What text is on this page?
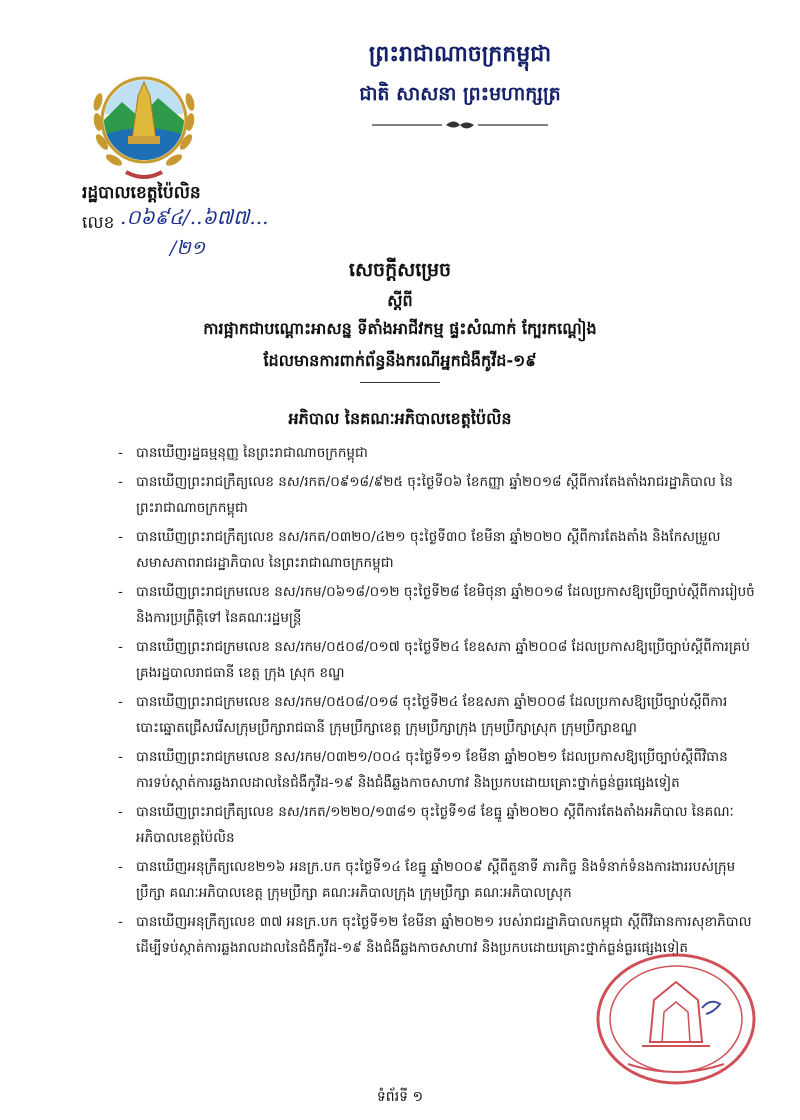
ព្រះរាជាណាចក្រកម្ពុជា
ជាតិ សាសនា ព្រះមហាក្សត្រ
រដ្ឋបាលខេត្តប៉ៃលិន
លេខ .០៦៩៤/..៦៧៧...
/២១
សេចក្ដីសម្រេច
ស្ដីពី
ការផ្អាកជាបណ្ដោះអាសន្ន ទីតាំងអាជីវកម្ម ផ្ទះសំណាក់ ក្បែរកណ្ដៀង
ដែលមានការពាក់ព័ន្ធនឹងករណីអ្នកជំងឺកូវីដ-១៩
អភិបាល នៃគណៈអភិបាលខេត្តប៉ៃលិន
- បានឃើញរដ្ឋធម្មនុញ្ញ នៃព្រះរាជាណាចក្រកម្ពុជា
- បានឃើញព្រះរាជក្រឹត្យលេខ នស/រកត/០៩១៨/៩២៥ ចុះថ្ងៃទី០៦ ខែកញ្ញា ឆ្នាំ២០១៨ ស្ដីពីការតែងតាំងរាជរដ្ឋាភិបាល នៃព្រះរាជាណាចក្រកម្ពុជា
- បានឃើញព្រះរាជក្រឹត្យលេខ នស/រកត/០៣២០/៤២១ ចុះថ្ងៃទី៣០ ខែមីនា ឆ្នាំ២០២០ ស្ដីពីការតែងតាំង និងកែសម្រួលសមាសភាពរាជរដ្ឋាភិបាល នៃព្រះរាជាណាចក្រកម្ពុជា
- បានឃើញព្រះរាជក្រមលេខ នស/រកម/០៦១៨/០១២ ចុះថ្ងៃទី២៨ ខែមិថុនា ឆ្នាំ២០១៨ ដែលប្រកាសឱ្យប្រើច្បាប់ស្ដីពីការរៀបចំ និងការប្រព្រឹត្តិទៅ នៃគណៈរដ្ឋមន្ត្រី
- បានឃើញព្រះរាជក្រមលេខ នស/រកម/០៥០៨/០១៧ ចុះថ្ងៃទី២៤ ខែឧសភា ឆ្នាំ២០០៨ ដែលប្រកាសឱ្យប្រើច្បាប់ស្ដីពីការគ្រប់គ្រងរដ្ឋបាលរាជធានី ខេត្ត ក្រុង ស្រុក ខណ្ឌ
- បានឃើញព្រះរាជក្រមលេខ នស/រកម/០៥០៨/០១៨ ចុះថ្ងៃទី២៤ ខែឧសភា ឆ្នាំ២០០៨ ដែលប្រកាសឱ្យប្រើច្បាប់ស្ដីពីការបោះឆ្នោតជ្រើសរើសក្រុមប្រឹក្សារាជធានី ក្រុមប្រឹក្សាខេត្ត ក្រុមប្រឹក្សាក្រុង ក្រុមប្រឹក្សាស្រុក ក្រុមប្រឹក្សាខណ្ឌ
- បានឃើញព្រះរាជក្រមលេខ នស/រកម/០៣២១/០០៤ ចុះថ្ងៃទី១១ ខែមីនា ឆ្នាំ២០២១ ដែលប្រកាសឱ្យប្រើច្បាប់ស្ដីពីវិធានការទប់ស្កាត់ការឆ្លងរាលដាលនៃជំងឺកូវីដ-១៩ និងជំងឺឆ្លងកាចសាហាវ និងប្រកបដោយគ្រោះថ្នាក់ធ្ងន់ធ្ងរផ្សេងទៀត
- បានឃើញព្រះរាជក្រឹត្យលេខ នស/រកត/១២២០/១៣៨១ ចុះថ្ងៃទី១៨ ខែធ្នូ ឆ្នាំ២០២០ ស្ដីពីការតែងតាំងអភិបាល នៃគណៈអភិបាលខេត្តប៉ៃលិន
- បានឃើញអនុក្រឹត្យលេខ២១៦ អនក្រ.បក ចុះថ្ងៃទី១៤ ខែធ្នូ ឆ្នាំ២០០៩ ស្ដីពីតួនាទី ភារកិច្ច និងទំនាក់ទំនងការងាររបស់ក្រុមប្រឹក្សា គណៈអភិបាលខេត្ត ក្រុមប្រឹក្សា គណៈអភិបាលក្រុង ក្រុមប្រឹក្សា គណៈអភិបាលស្រុក
- បានឃើញអនុក្រឹត្យលេខ ៣៧ អនក្រ.បក ចុះថ្ងៃទី១២ ខែមីនា ឆ្នាំ២០២១ របស់រាជរដ្ឋាភិបាលកម្ពុជា ស្ដីពីវិធានការសុខាភិបាល ដើម្បីទប់ស្កាត់ការឆ្លងរាលដាលនៃជំងឺកូវីដ-១៩ និងជំងឺឆ្លងកាចសាហាវ និងប្រកបដោយគ្រោះថ្នាក់ធ្ងន់ធ្ងរផ្សេងទៀត
ទំព័រទី ១
